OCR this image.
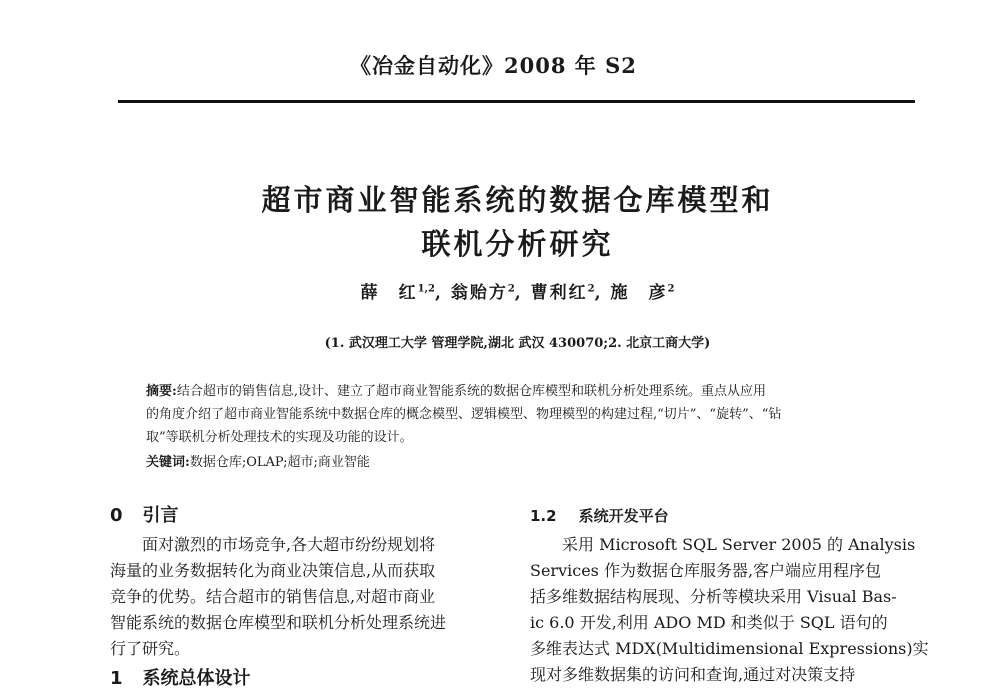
《冶金自动化》2008 年 S2
超市商业智能系统的数据仓库模型和
联机分析研究
薛　红$^{1,2}$, 翁贻方$^2$, 曹利红$^2$, 施　彦$^2$
(1. 武汉理工大学 管理学院,湖北 武汉 430070;2. 北京工商大学)
摘要:结合超市的销售信息,设计、建立了超市商业智能系统的数据仓库模型和联机分析处理系统。重点从应用
的角度介绍了超市商业智能系统中数据仓库的概念模型、逻辑模型、物理模型的构建过程,“切片”、“旋转”、“钻
取”等联机分析处理技术的实现及功能的设计。
关键词:数据仓库;OLAP;超市;商业智能
0 引言
　　面对激烈的市场竞争,各大超市纷纷规划将
海量的业务数据转化为商业决策信息,从而获取
竞争的优势。结合超市的销售信息,对超市商业
智能系统的数据仓库模型和联机分析处理系统进
行了研究。
1 系统总体设计
1.2 系统开发平台
　　采用 Microsoft SQL Server 2005 的 Analysis
Services 作为数据仓库服务器,客户端应用程序包
括多维数据结构展现、分析等模块采用 Visual Bas-
ic 6.0 开发,利用 ADO MD 和类似于 SQL 语句的
多维表达式 MDX(Multidimensional Expressions)实
现对多维数据集的访问和查询,通过对决策支持
